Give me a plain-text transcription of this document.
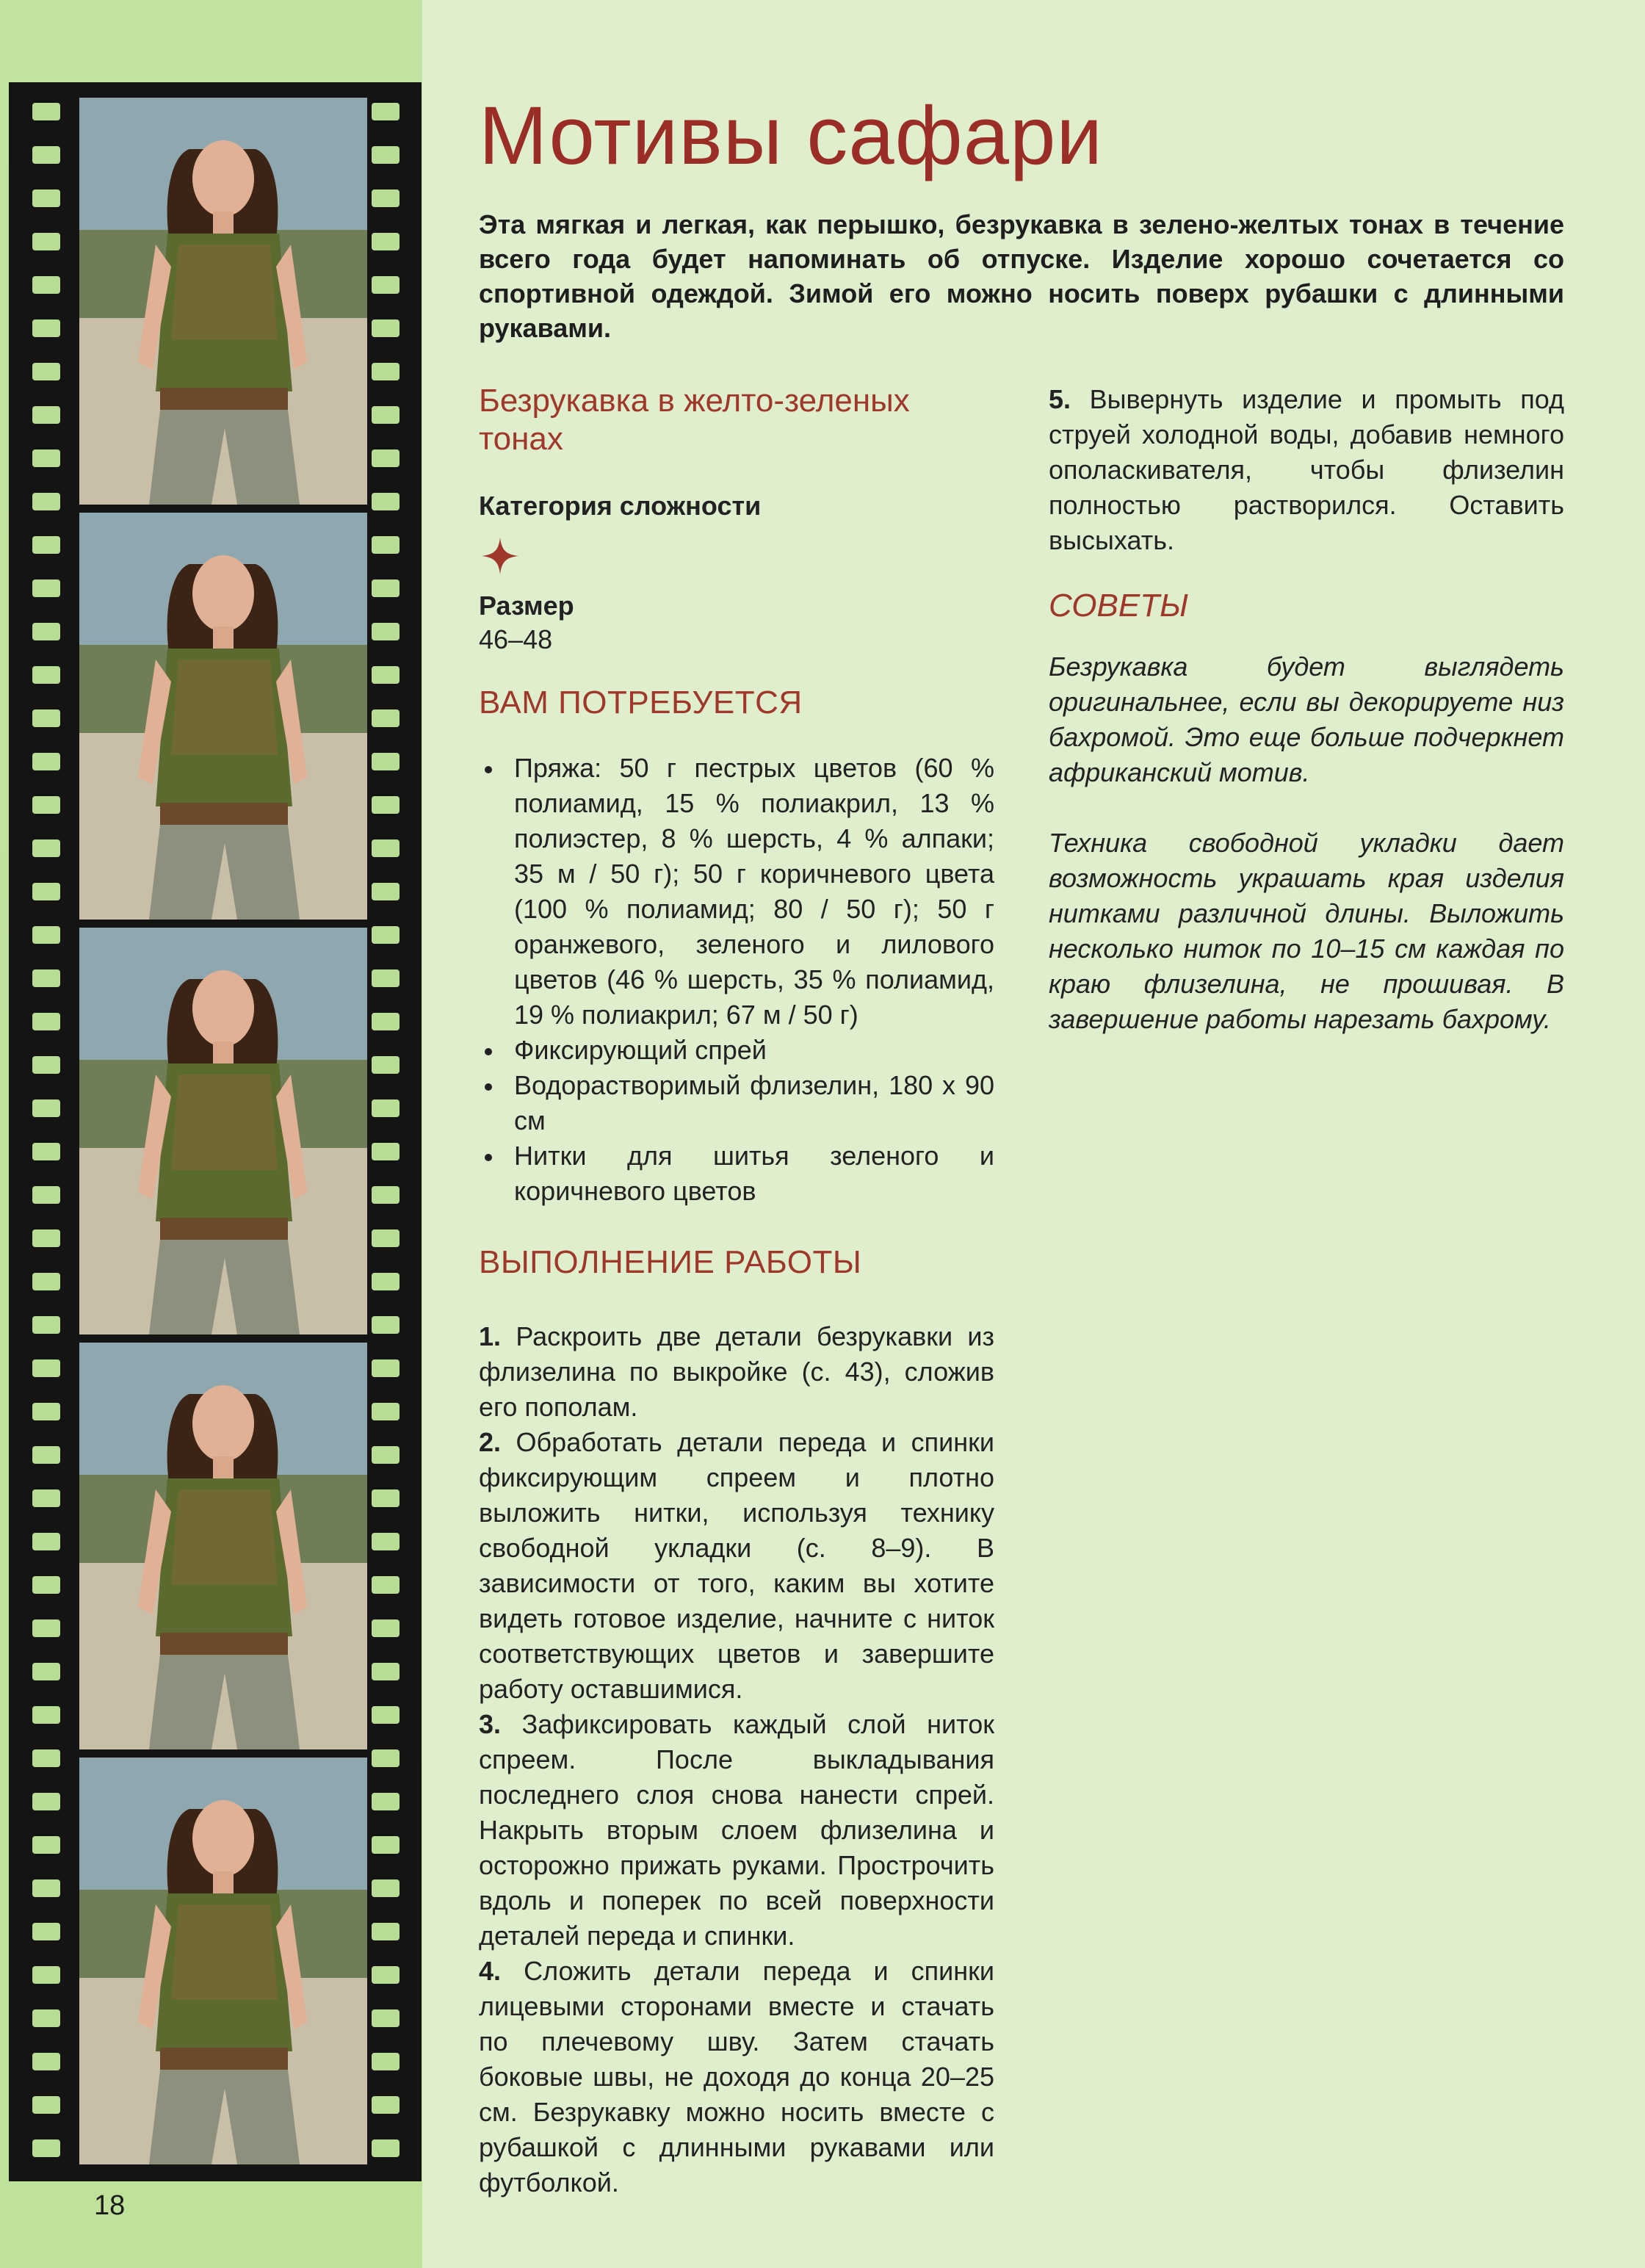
18
Мотивы сафари

Эта мягкая и легкая, как перышко, безрукавка в зелено-желтых тонах в течение всего года будет напоминать об отпуске. Изделие хорошо сочетается со спортивной одеждой. Зимой его можно носить поверх рубашки с длинными рукавами.

Безрукавка в желто-зеленых тонах

Категория сложности

Размер

46–48

ВАМ ПОТРЕБУЕТСЯ
Пряжа: 50 г пестрых цветов (60 % полиамид, 15 % полиакрил, 13 % полиэстер, 8 % шерсть, 4 % алпаки; 35 м / 50 г); 50 г коричневого цвета (100 % полиамид; 80 / 50 г); 50 г оранжевого, зеленого и лилового цветов (46 % шерсть, 35 % полиамид, 19 % полиакрил; 67 м / 50 г)
Фиксирующий спрей
Водорастворимый флизелин, 180 x 90 см
Нитки для шитья зеленого и коричневого цветов
ВЫПОЛНЕНИЕ РАБОТЫ

1. Раскроить две детали безрукавки из флизелина по выкройке (с. 43), сложив его пополам.

2. Обработать детали переда и спинки фиксирующим спреем и плотно выложить нитки, используя технику свободной укладки (с. 8–9). В зависимости от того, каким вы хотите видеть готовое изделие, начните с ниток соответствующих цветов и завершите работу оставшимися.

3. Зафиксировать каждый слой ниток спреем. После выкладывания последнего слоя снова нанести спрей. Накрыть вторым слоем флизелина и осторожно прижать руками. Прострочить вдоль и поперек по всей поверхности деталей переда и спинки.

4. Сложить детали переда и спинки лицевыми сторонами вместе и стачать по плечевому шву. Затем стачать боковые швы, не доходя до конца 20–25 см. Безрукавку можно носить вместе с рубашкой с длинными рукавами или футболкой.

5. Вывернуть изделие и промыть под струей холодной воды, добавив немного ополаскивателя, чтобы флизелин полностью растворился. Оставить высыхать.

СОВЕТЫ

Безрукавка будет выглядеть оригинальнее, если вы декорируете низ бахромой. Это еще больше подчеркнет африканский мотив.

Техника свободной укладки дает возможность украшать края изделия нитками различной длины. Выложить несколько ниток по 10–15 см каждая по краю флизелина, не прошивая. В завершение работы нарезать бахрому.
